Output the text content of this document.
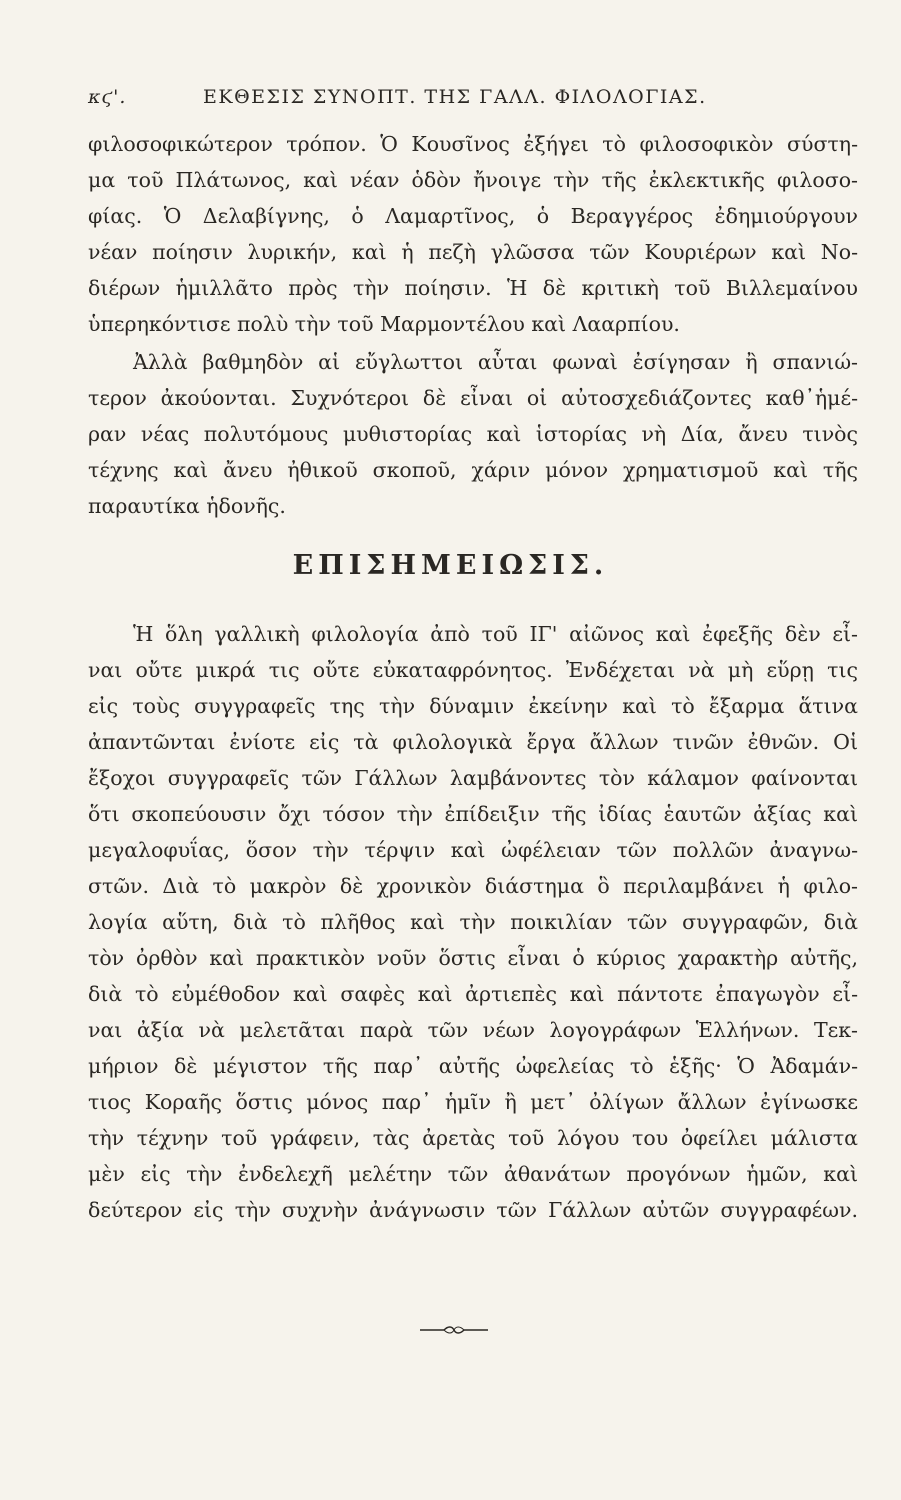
κϛ'.	ΕΚΘΕΣΙΣ ΣΥΝΟΠΤ. ΤΗΣ ΓΑΛΛ. ΦΙΛΟΛΟΓΙΑΣ.
φιλοσοφικώτερον τρόπον. Ὁ Κουσῖνος ἐξήγει τὸ φιλοσοφικὸν σύστη-
μα τοῦ Πλάτωνος, καὶ νέαν ὁδὸν ἤνοιγε τὴν τῆς ἐκλεκτικῆς φιλοσο-
φίας. Ὁ Δελαβίγνης, ὁ Λαμαρτῖνος, ὁ Βεραγγέρος ἐδημιούργουν
νέαν ποίησιν λυρικήν, καὶ ἡ πεζὴ γλῶσσα τῶν Κουριέρων καὶ Νο-
διέρων ἡμιλλᾶτο πρὸς τὴν ποίησιν. Ἡ δὲ κριτικὴ τοῦ Βιλλεμαίνου
ὑπερηκόντισε πολὺ τὴν τοῦ Μαρμοντέλου καὶ Λααρπίου.
Ἀλλὰ βαθμηδὸν αἱ εὔγλωττοι αὗται φωναὶ ἐσίγησαν ἢ σπανιώ-
τερον ἀκούονται. Συχνότεροι δὲ εἶναι οἱ αὐτοσχεδιάζοντες καθ᾽ἡμέ-
ραν νέας πολυτόμους μυθιστορίας καὶ ἱστορίας νὴ Δία, ἄνευ τινὸς
τέχνης καὶ ἄνευ ἠθικοῦ σκοποῦ, χάριν μόνον χρηματισμοῦ καὶ τῆς
παραυτίκα ἡδονῆς.
ΕΠΙΣΗΜΕΙΩΣΙΣ.
Ἡ ὅλη γαλλικὴ φιλολογία ἀπὸ τοῦ ΙΓ' αἰῶνος καὶ ἐφεξῆς δὲν εἶ-
ναι οὔτε μικρά τις οὔτε εὐκαταφρόνητος. Ἐνδέχεται νὰ μὴ εὕρῃ τις
εἰς τοὺς συγγραφεῖς της τὴν δύναμιν ἐκείνην καὶ τὸ ἔξαρμα ἅτινα
ἀπαντῶνται ἐνίοτε εἰς τὰ φιλολογικὰ ἔργα ἄλλων τινῶν ἐθνῶν. Οἱ
ἔξοχοι συγγραφεῖς τῶν Γάλλων λαμβάνοντες τὸν κάλαμον φαίνονται
ὅτι σκοπεύουσιν ὄχι τόσον τὴν ἐπίδειξιν τῆς ἰδίας ἑαυτῶν ἀξίας καὶ
μεγαλοφυΐας, ὅσον τὴν τέρψιν καὶ ὠφέλειαν τῶν πολλῶν ἀναγνω-
στῶν. Διὰ τὸ μακρὸν δὲ χρονικὸν διάστημα ὃ περιλαμβάνει ἡ φιλο-
λογία αὕτη, διὰ τὸ πλῆθος καὶ τὴν ποικιλίαν τῶν συγγραφῶν, διὰ
τὸν ὀρθὸν καὶ πρακτικὸν νοῦν ὅστις εἶναι ὁ κύριος χαρακτὴρ αὐτῆς,
διὰ τὸ εὐμέθοδον καὶ σαφὲς καὶ ἀρτιεπὲς καὶ πάντοτε ἐπαγωγὸν εἶ-
ναι ἀξία νὰ μελετᾶται παρὰ τῶν νέων λογογράφων Ἑλλήνων. Τεκ-
μήριον δὲ μέγιστον τῆς παρ᾽ αὐτῆς ὠφελείας τὸ ἑξῆς· Ὁ Ἀδαμάν-
τιος Κοραῆς ὅστις μόνος παρ᾽ ἡμῖν ἢ μετ᾽ ὀλίγων ἄλλων ἐγίνωσκε
τὴν τέχνην τοῦ γράφειν, τὰς ἀρετὰς τοῦ λόγου του ὀφείλει μάλιστα
μὲν εἰς τὴν ἐνδελεχῆ μελέτην τῶν ἀθανάτων προγόνων ἡμῶν, καὶ
δεύτερον εἰς τὴν συχνὴν ἀνάγνωσιν τῶν Γάλλων αὐτῶν συγγραφέων.
